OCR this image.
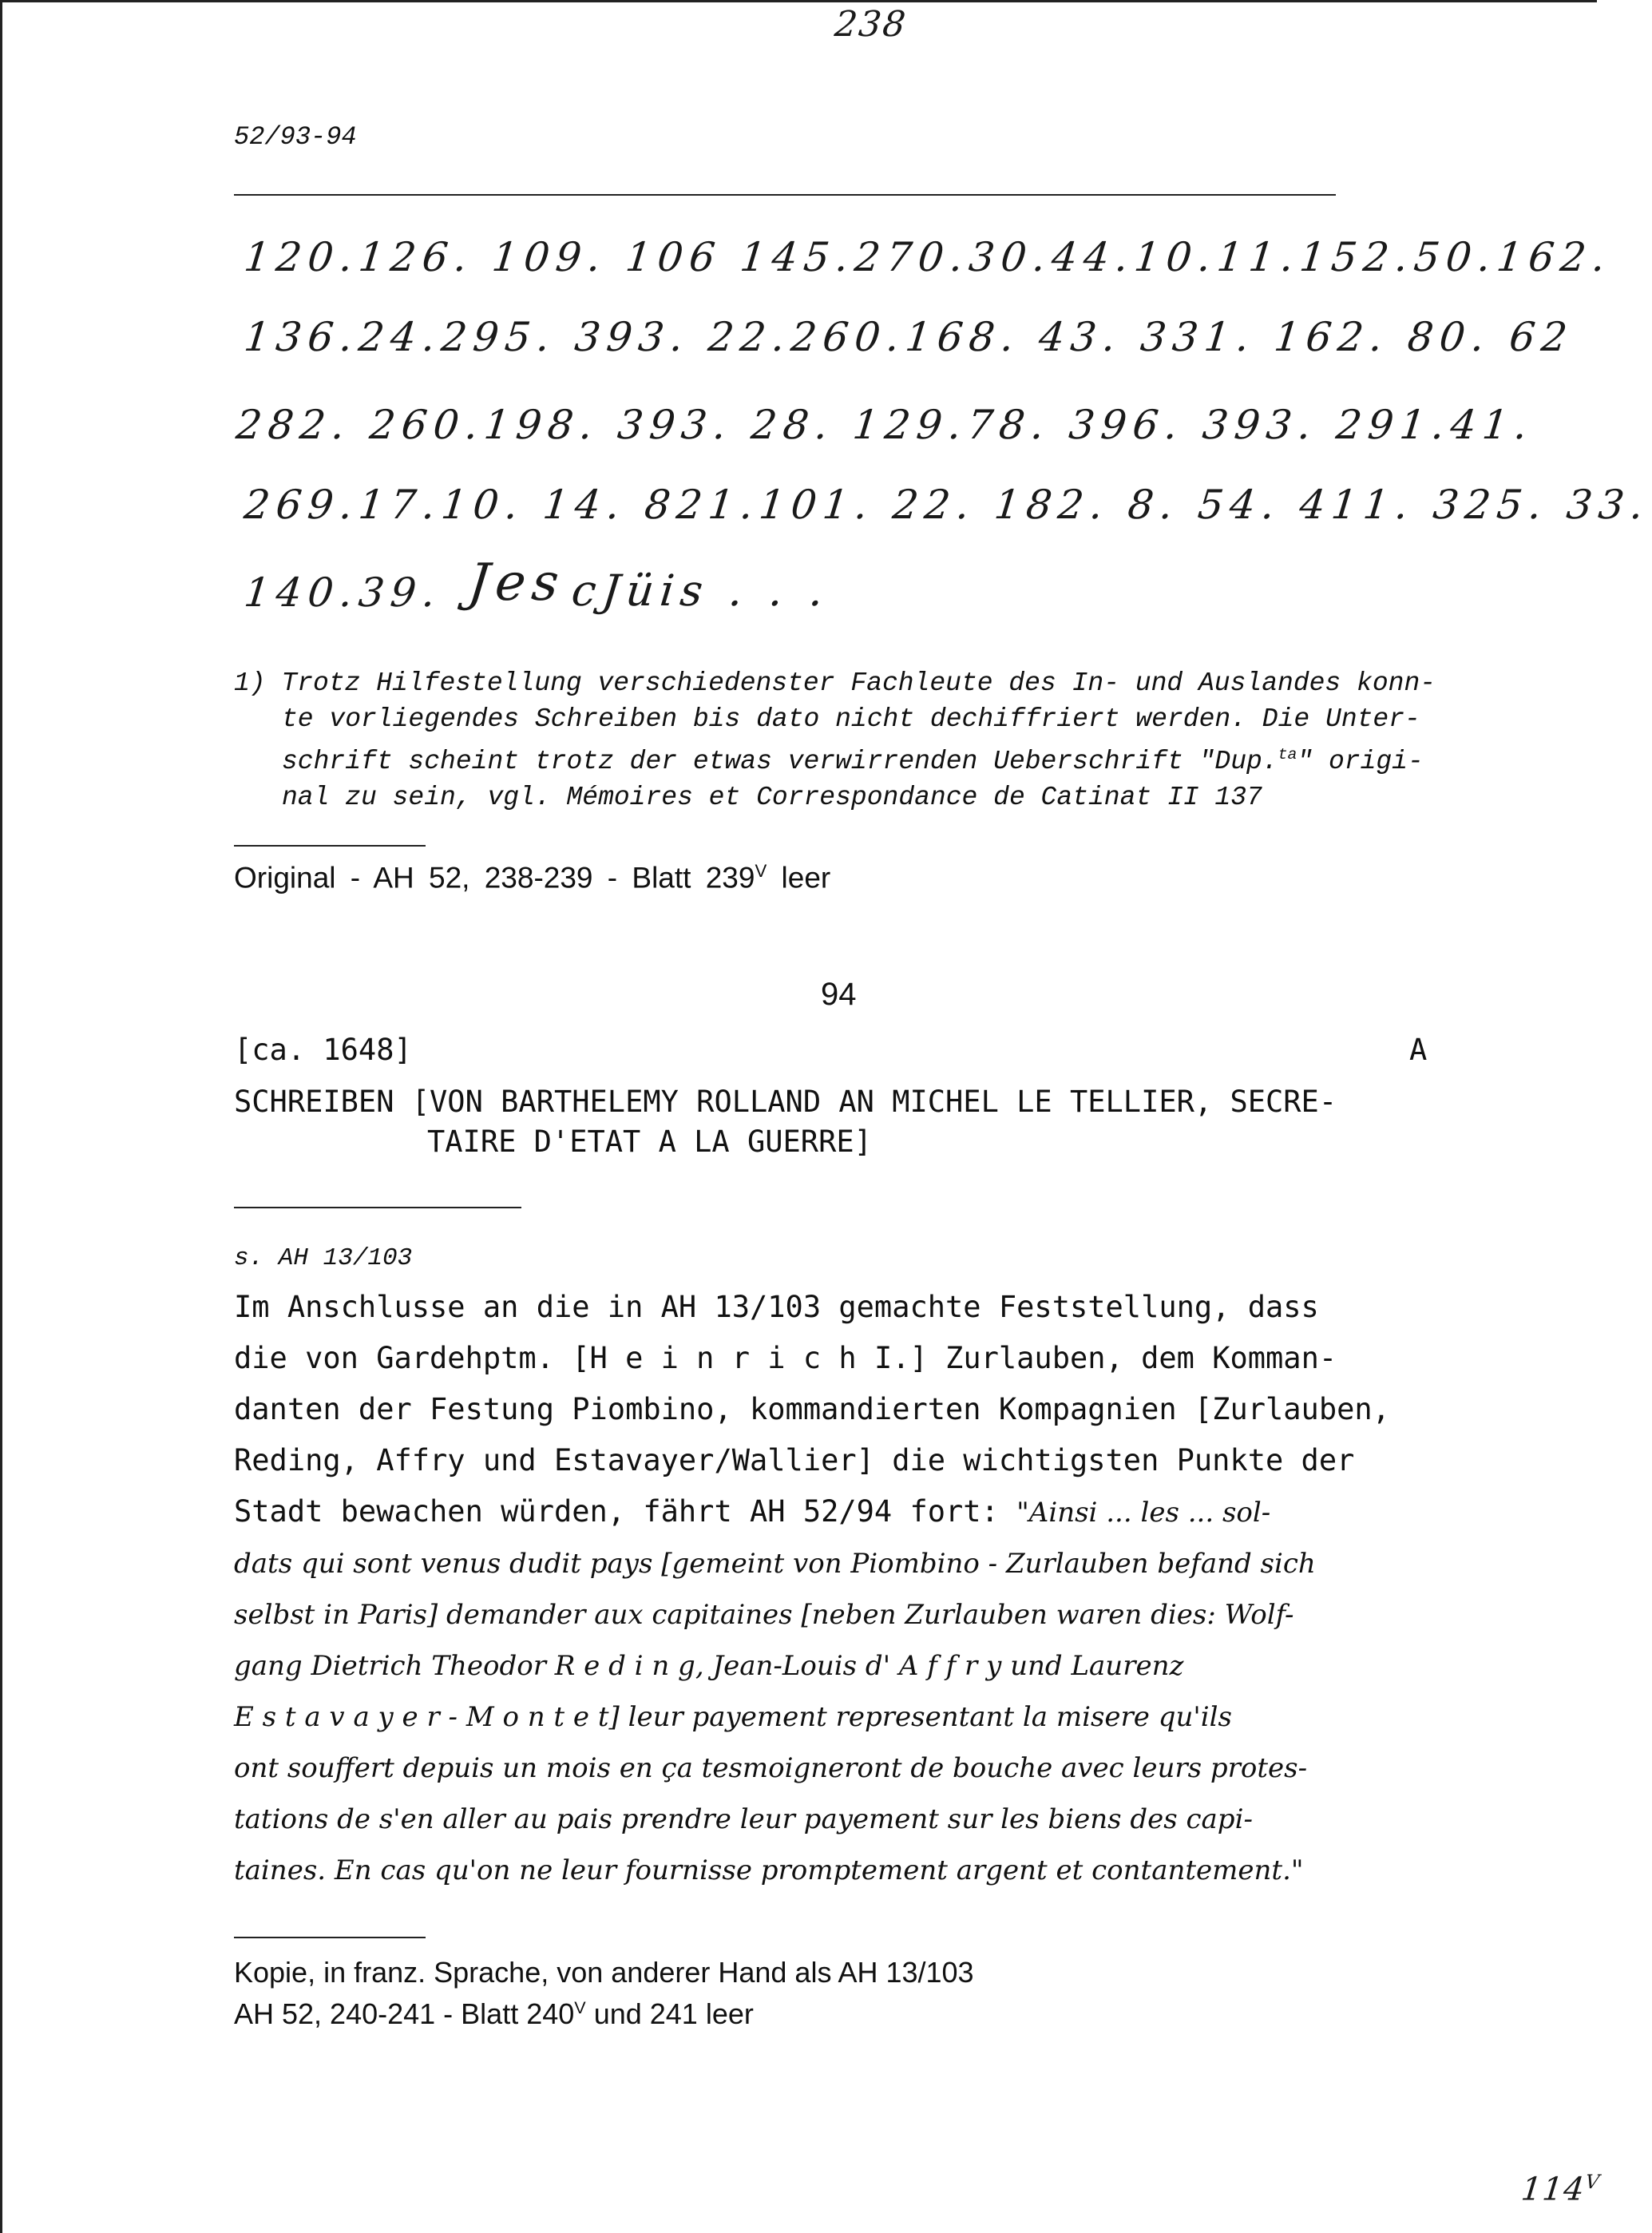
238
52/93-94
120.126. 109. 106 145.270.30.44.10.11.152.50.162.
136.24.295. 393. 22.260.168. 43. 331. 162. 80. 62
282. 260.198. 393. 28. 129.78. 396. 393. 291.41.
269.17.10. 14. 821.101. 22. 182. 8. 54. 411. 325. 33.
140.39. Jes cJüis . . .
1) Trotz Hilfestellung verschiedenster Fachleute des In- und Auslandes konn-
te vorliegendes Schreiben bis dato nicht dechiffriert werden. Die Unter-
schrift scheint trotz der etwas verwirrenden Ueberschrift "Dup.$^{ta}$" origi-
nal zu sein, vgl. Mémoires et Correspondance de Catinat II 137
Original - AH 52, 238-239 - Blatt $239^V$ leer
94
[ca. 1648]	A
SCHREIBEN [VON BARTHELEMY ROLLAND AN MICHEL LE TELLIER, SECRE-
TAIRE D'ETAT A LA GUERRE]
s. AH 13/103

Im Anschlusse an die in AH 13/103 gemachte Feststellung, dass

die von Gardehptm. [H e i n r i c h I.] Zurlauben, dem Komman-

danten der Festung Piombino, kommandierten Kompagnien [Zurlauben,

Reding, Affry und Estavayer/Wallier] die wichtigsten Punkte der

Stadt bewachen würden, fährt AH 52/94 fort: "Ainsi ... les ... sol-

dats qui sont venus dudit pays [gemeint von Piombino - Zurlauben befand sich

selbst in Paris] demander aux capitaines [neben Zurlauben waren dies: Wolf-

gang Dietrich Theodor R e d i n g, Jean-Louis d' A f f r y und Laurenz

E s t a v a y e r - M o n t e t] leur payement representant la misere qu'ils

ont souffert depuis un mois en ça tesmoigneront de bouche avec leurs protes-

tations de s'en aller au pais prendre leur payement sur les biens des capi-

taines. En cas qu'on ne leur fournisse promptement argent et contantement."

Kopie, in franz. Sprache, von anderer Hand als AH 13/103
AH 52, 240-241 - Blatt $240^V$ und 241 leer
$114^V$
